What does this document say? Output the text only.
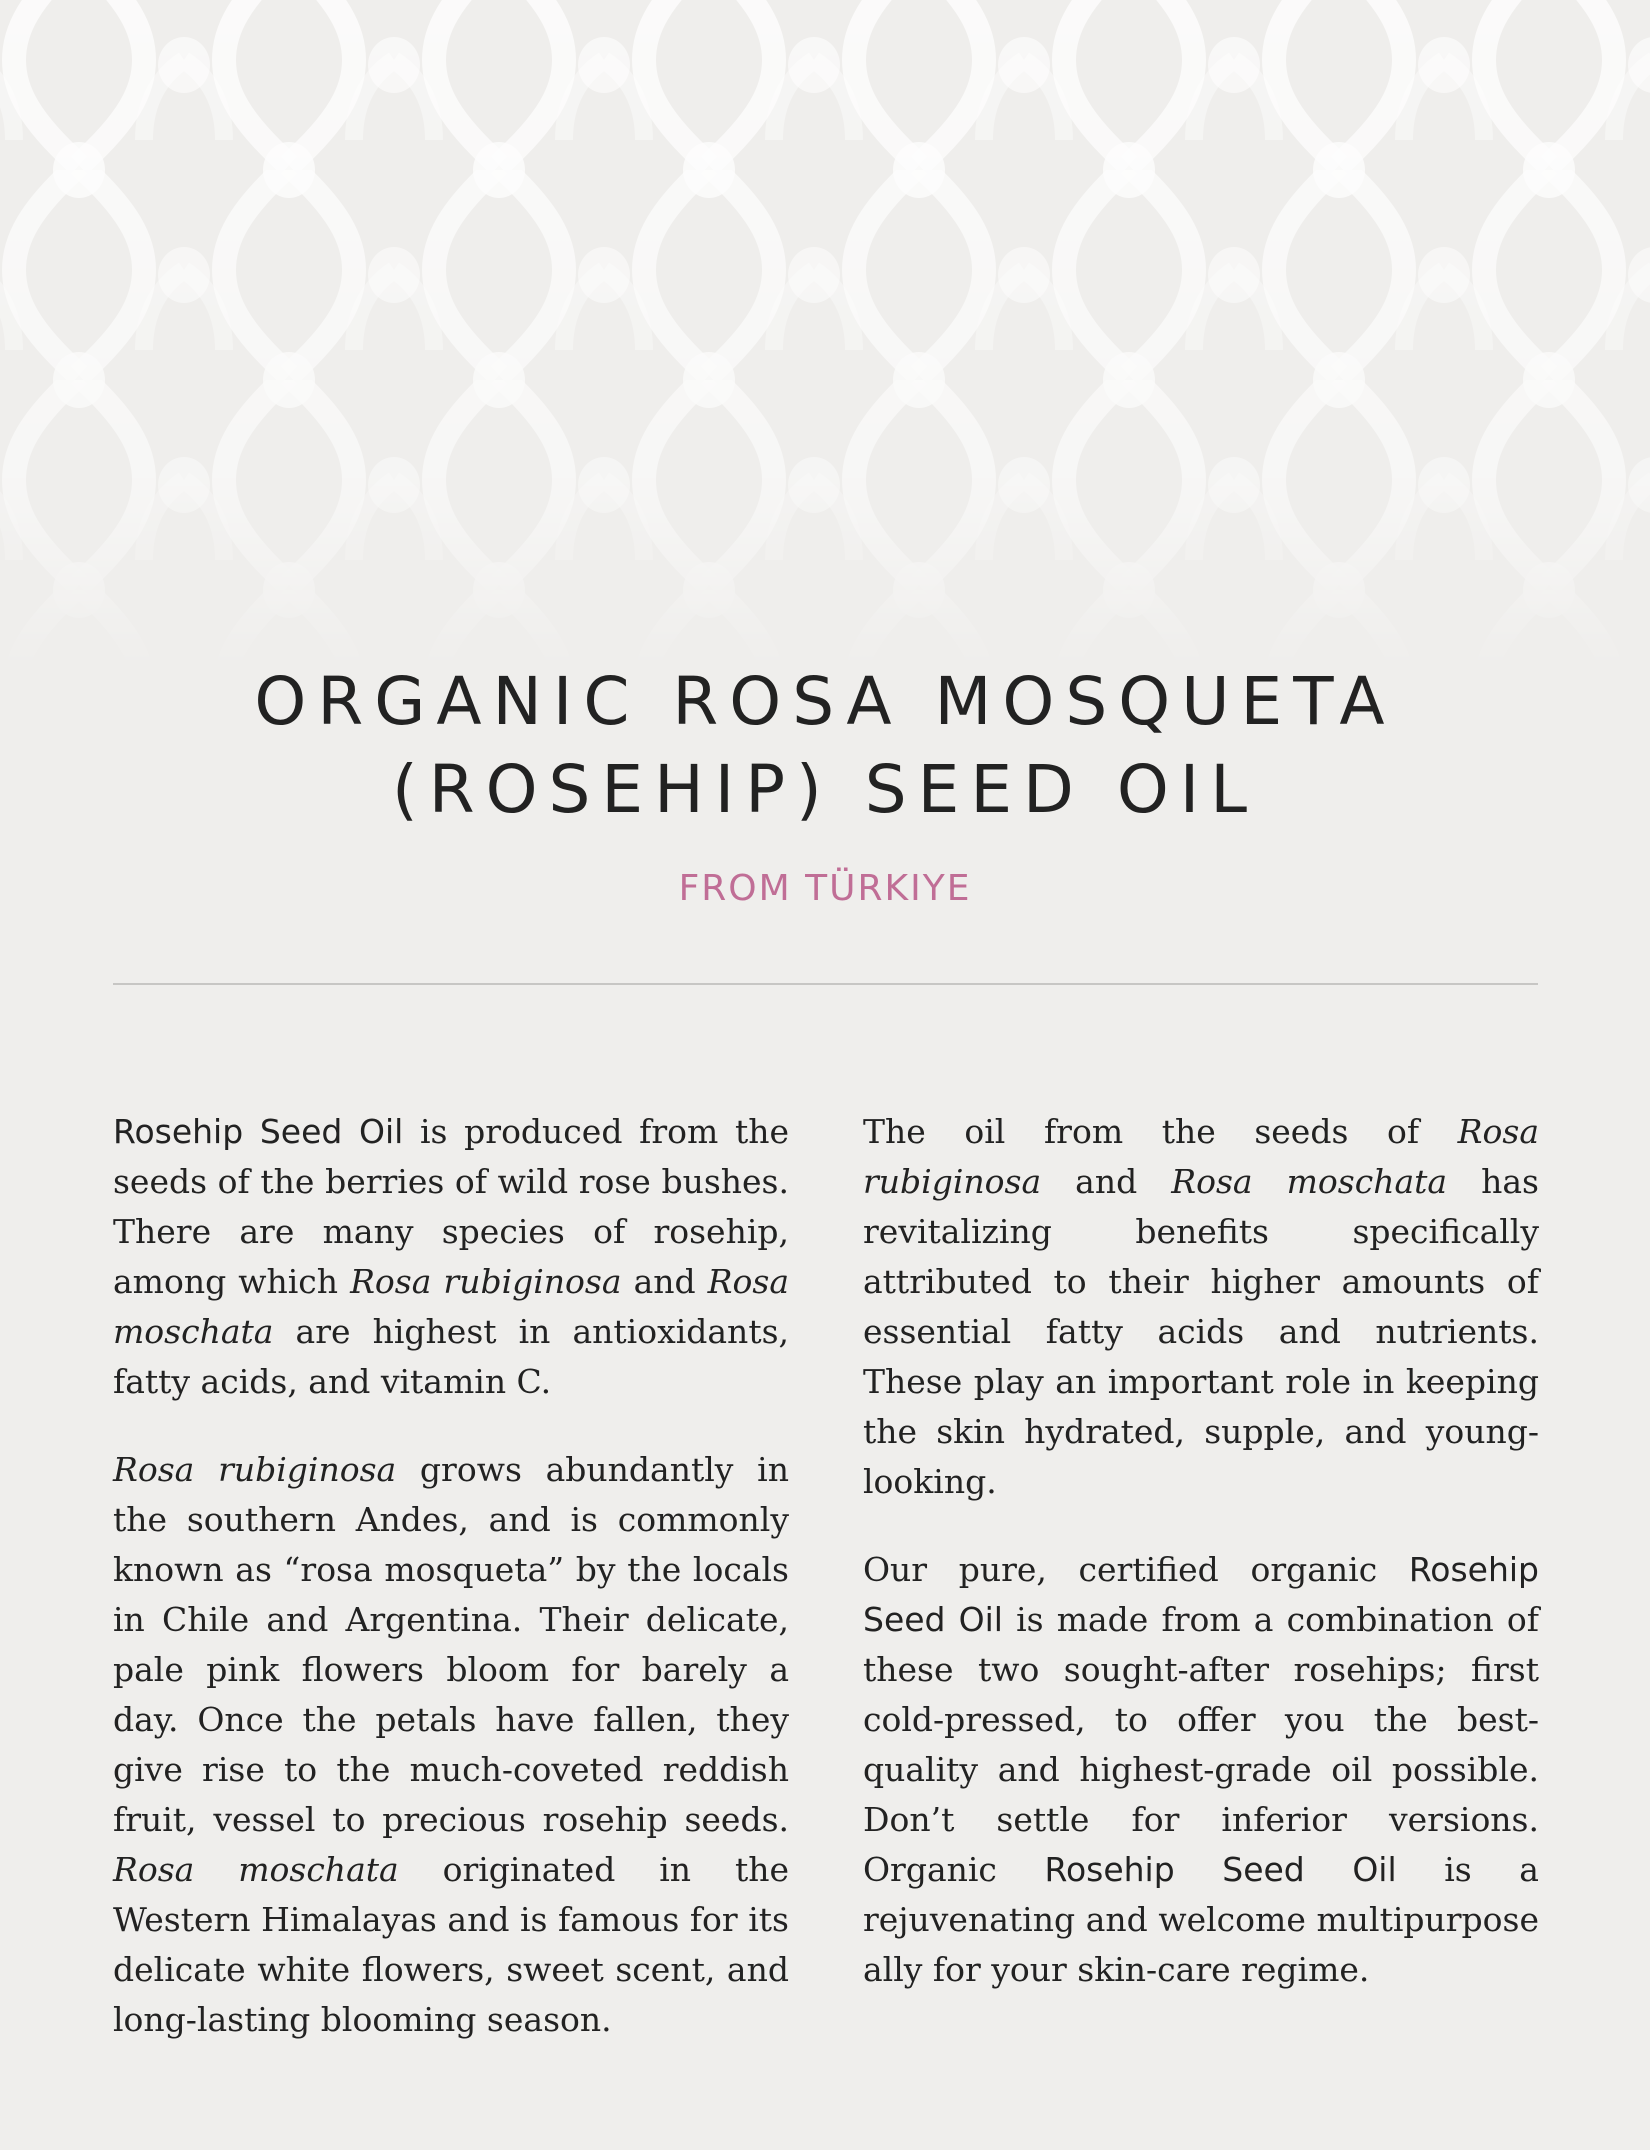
ORGANIC ROSA MOSQUETA
(ROSEHIP) SEED OIL
FROM TÜRKIYE

Rosehip Seed Oil is produced from the seeds of the berries of wild rose bushes. There are many species of rosehip, among which Rosa rubiginosa and Rosa moschata are highest in antioxidants, fatty acids, and vitamin C.

Rosa rubiginosa grows abundantly in the southern Andes, and is commonly known as “rosa mosqueta” by the locals in Chile and Argentina. Their delicate, pale pink flowers bloom for barely a day. Once the petals have fallen, they give rise to the much-coveted reddish fruit, vessel to precious rosehip seeds. Rosa moschata originated in the Western Himalayas and is famous for its delicate white flowers, sweet scent, and long-lasting blooming season.

The oil from the seeds of Rosa rubiginosa and Rosa moschata has revitalizing benefits specifically attributed to their higher amounts of essential fatty acids and nutrients. These play an important role in keeping the skin hydrated, supple, and young-looking.

Our pure, certified organic Rosehip Seed Oil is made from a combination of these two sought-after rosehips; first cold-pressed, to offer you the best-quality and highest-grade oil possible. Don’t settle for inferior versions. Organic Rosehip Seed Oil is a rejuvenating and welcome multipurpose ally for your skin-care regime.
